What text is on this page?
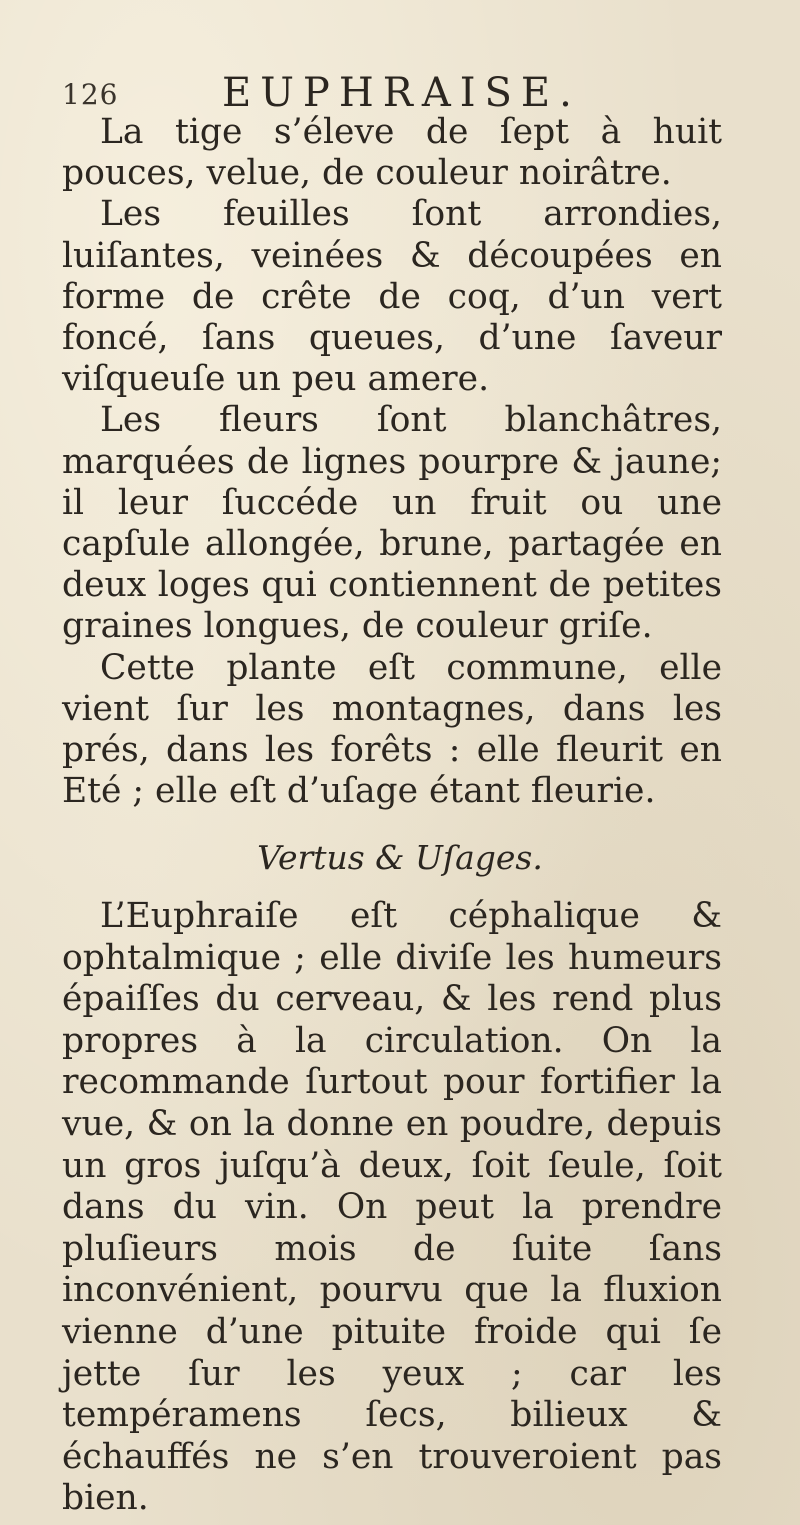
126	EUPHRAISE.

La tige s’éleve de ſept à huit pouces, velue, de couleur noirâtre.

Les feuilles ſont arrondies, luiſantes, veinées & découpées en forme de crête de coq, d’un vert foncé, ſans queues, d’une ſaveur viſqueuſe un peu amere.

Les fleurs ſont blanchâtres, marquées de lignes pourpre & jaune; il leur ſuccéde un fruit ou une capſule allongée, brune, partagée en deux loges qui contiennent de petites graines longues, de couleur griſe.

Cette plante eſt commune, elle vient ſur les montagnes, dans les prés, dans les forêts : elle fleurit en Eté ; elle eſt d’uſage étant fleurie.

Vertus & Uſages.

L’Euphraiſe eſt céphalique & ophtalmique ; elle diviſe les humeurs épaiſſes du cerveau, & les rend plus propres à la circulation. On la recommande ſurtout pour fortifier la vue, & on la donne en poudre, depuis un gros juſqu’à deux, ſoit ſeule, ſoit dans du vin. On peut la prendre pluſieurs mois de ſuite ſans inconvénient, pourvu que la fluxion vienne d’une pituite froide qui ſe jette ſur les yeux ; car les tempéramens ſecs, bilieux & échauffés ne s’en trouveroient pas bien.
